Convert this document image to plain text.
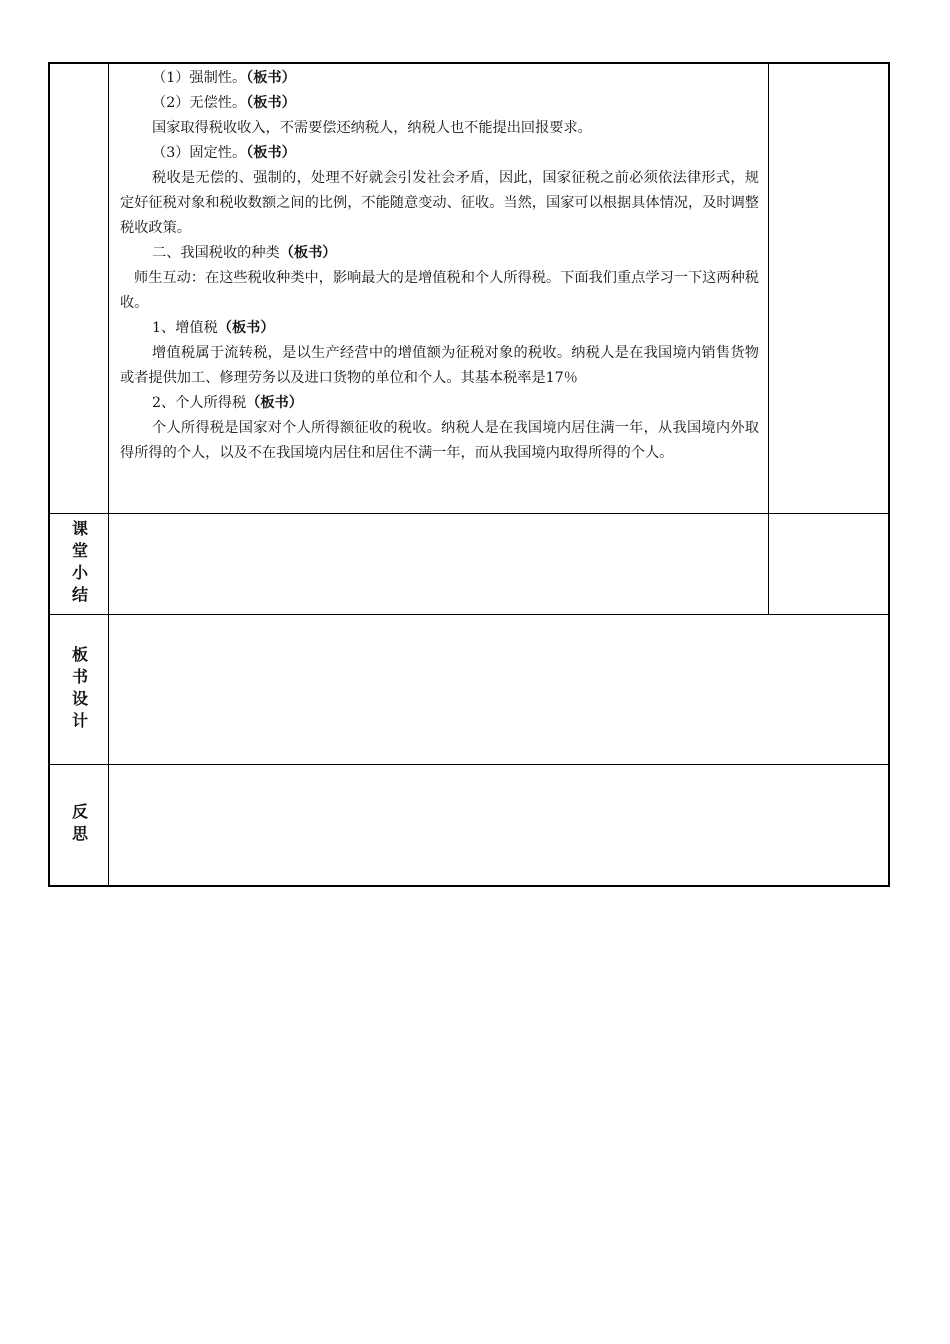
（1）强制性。（板书）

（2）无偿性。（板书）

国家取得税收收入，不需要偿还纳税人，纳税人也不能提出回报要求。

（3）固定性。（板书）

税收是无偿的、强制的，处理不好就会引发社会矛盾，因此，国家征税之前必须依法律形式，规定好征税对象和税收数额之间的比例，不能随意变动、征收。当然，国家可以根据具体情况，及时调整税收政策。

二、我国税收的种类（板书）

师生互动：在这些税收种类中，影响最大的是增值税和个人所得税。下面我们重点学习一下这两种税收。

1、增值税（板书）

增值税属于流转税，是以生产经营中的增值额为征税对象的税收。纳税人是在我国境内销售货物或者提供加工、修理劳务以及进口货物的单位和个人。其基本税率是17％

2、个人所得税（板书）

个人所得税是国家对个人所得额征收的税收。纳税人是在我国境内居住满一年，从我国境内外取得所得的个人，以及不在我国境内居住和居住不满一年，而从我国境内取得所得的个人。

课堂小结
板书设计
反思
